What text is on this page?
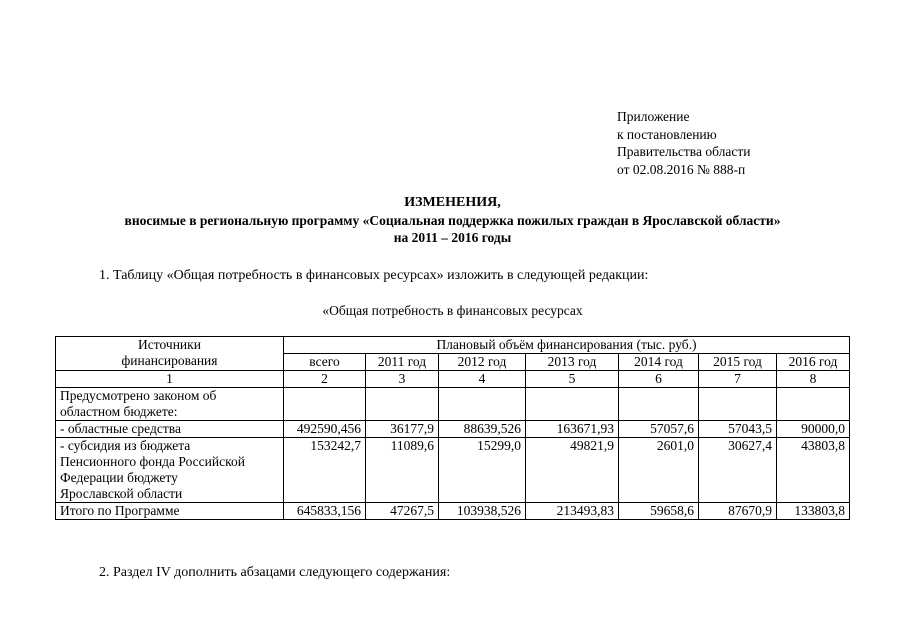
Приложение
к постановлению
Правительства области
от 02.08.2016 № 888-п
ИЗМЕНЕНИЯ,
вносимые в региональную программу «Социальная поддержка пожилых граждан в Ярославской области»
на 2011 – 2016 годы
1. Таблицу «Общая потребность в финансовых ресурсах» изложить в следующей редакции:
«Общая потребность в финансовых ресурсах
Источники
финансирования	Плановый объём финансирования (тыс. руб.)						
	всего	2011 год	2012 год	2013 год	2014 год	2015 год	2016 год
1	2	3	4	5	6	7	8
Предусмотрено законом об областном бюджете:							
- областные средства	492590,456	36177,9	88639,526	163671,93	57057,6	57043,5	90000,0

- субсидия из бюджета
Пенсионного фонда Российской
Федерации бюджету
Ярославской области	153242,7	11089,6	15299,0	49821,9	2601,0	30627,4	43803,8
Итого по Программе	645833,156	47267,5	103938,526	213493,83	59658,6	87670,9	133803,8
2. Раздел IV дополнить абзацами следующего содержания:
